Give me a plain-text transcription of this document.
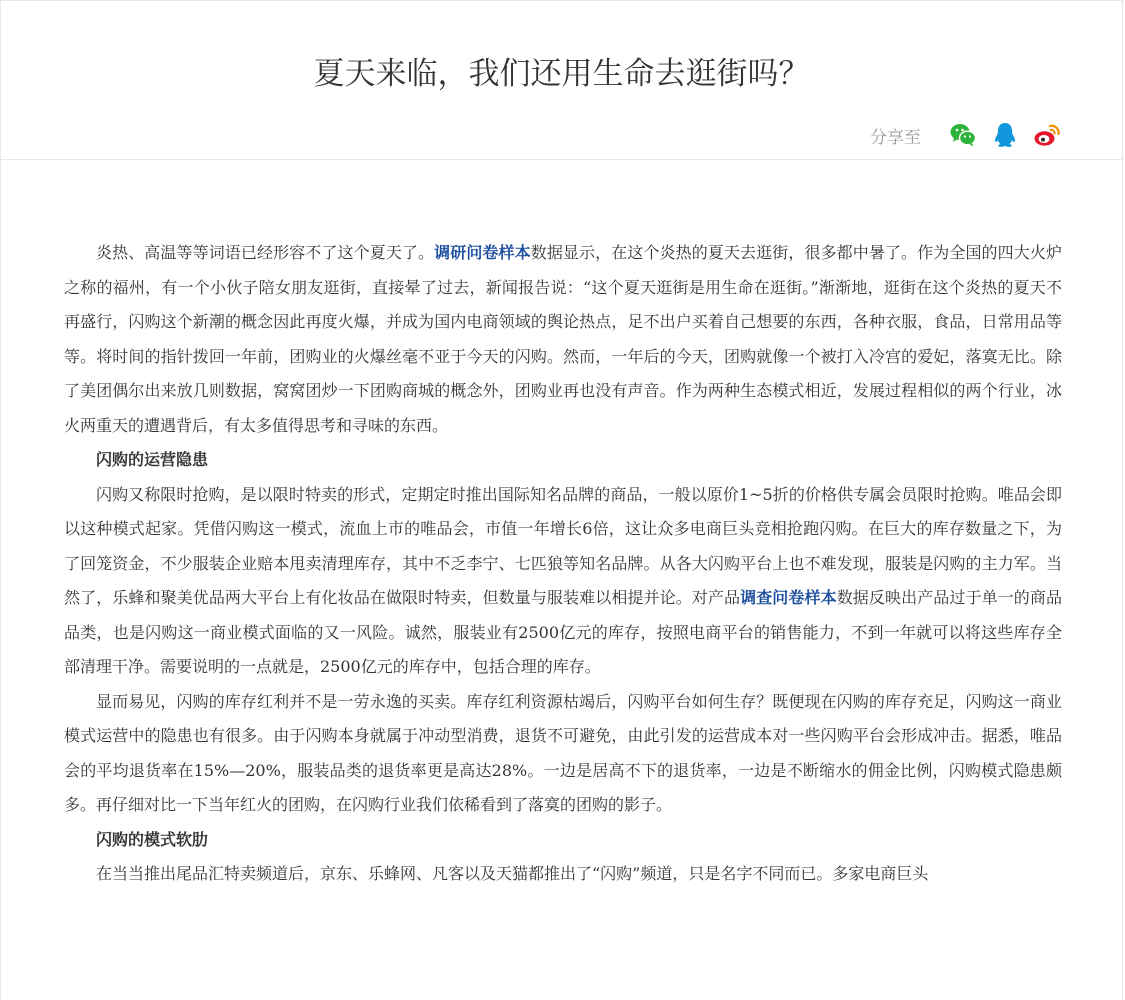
夏天来临，我们还用生命去逛街吗？
分享至

炎热、高温等等词语已经形容不了这个夏天了。调研问卷样本数据显示，在这个炎热的夏天去逛街，很多都中暑了。作为全国的四大火炉之称的福州，有一个小伙子陪女朋友逛街，直接晕了过去，新闻报告说：“这个夏天逛街是用生命在逛街。”渐渐地，逛街在这个炎热的夏天不再盛行，闪购这个新潮的概念因此再度火爆，并成为国内电商领域的舆论热点，足不出户买着自己想要的东西，各种衣服，食品，日常用品等等。将时间的指针拨回一年前，团购业的火爆丝毫不亚于今天的闪购。然而，一年后的今天，团购就像一个被打入冷宫的爱妃，落寞无比。除了美团偶尔出来放几则数据，窝窝团炒一下团购商城的概念外，团购业再也没有声音。作为两种生态模式相近，发展过程相似的两个行业，冰火两重天的遭遇背后，有太多值得思考和寻味的东西。

闪购的运营隐患

闪购又称限时抢购，是以限时特卖的形式，定期定时推出国际知名品牌的商品，一般以原价1~5折的价格供专属会员限时抢购。唯品会即以这种模式起家。凭借闪购这一模式，流血上市的唯品会，市值一年增长6倍，这让众多电商巨头竞相抢跑闪购。在巨大的库存数量之下，为了回笼资金，不少服装企业赔本甩卖清理库存，其中不乏李宁、七匹狼等知名品牌。从各大闪购平台上也不难发现，服装是闪购的主力军。当然了，乐蜂和聚美优品两大平台上有化妆品在做限时特卖，但数量与服装难以相提并论。对产品调查问卷样本数据反映出产品过于单一的商品品类，也是闪购这一商业模式面临的又一风险。诚然，服装业有2500亿元的库存，按照电商平台的销售能力，不到一年就可以将这些库存全部清理干净。需要说明的一点就是，2500亿元的库存中，包括合理的库存。

显而易见，闪购的库存红利并不是一劳永逸的买卖。库存红利资源枯竭后，闪购平台如何生存？既便现在闪购的库存充足，闪购这一商业模式运营中的隐患也有很多。由于闪购本身就属于冲动型消费，退货不可避免，由此引发的运营成本对一些闪购平台会形成冲击。据悉，唯品会的平均退货率在15%—20%，服装品类的退货率更是高达28%。一边是居高不下的退货率，一边是不断缩水的佣金比例，闪购模式隐患颇多。再仔细对比一下当年红火的团购，在闪购行业我们依稀看到了落寞的团购的影子。

闪购的模式软肋

在当当推出尾品汇特卖频道后，京东、乐蜂网、凡客以及天猫都推出了“闪购”频道，只是名字不同而已。多家电商巨头
